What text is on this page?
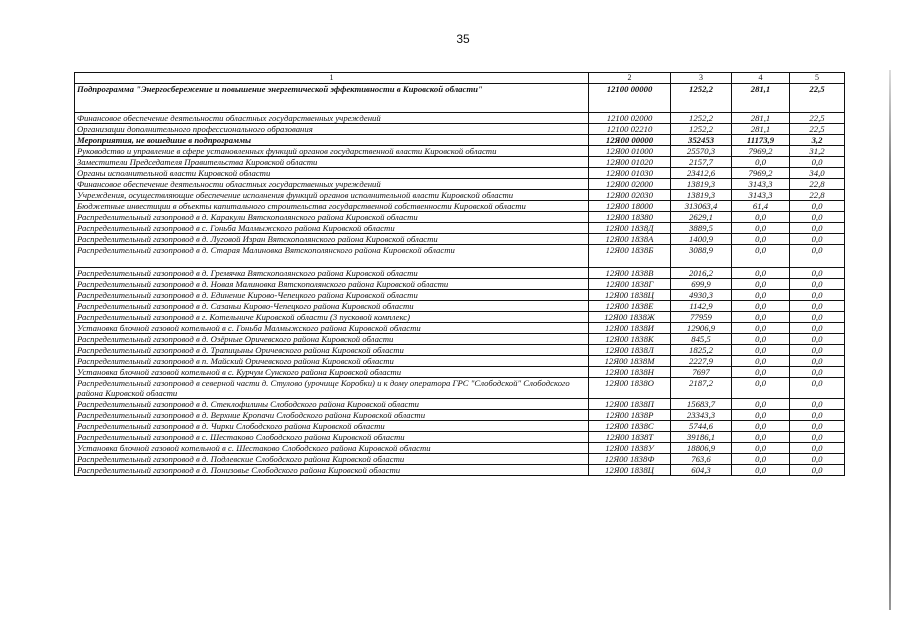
35
1	2	3	4	5
Подпрограмма "Энергосбережение и повышение энергетической эффективности в Кировской области"	12100 00000	1252,2	281,1	22,5
Финансовое обеспечение деятельности областных государственных учреждений	12100 02000	1252,2	281,1	22,5
Организации дополнительного профессионального образования	12100 02210	1252,2	281,1	22,5
Мероприятия, не вошедшие в подпрограммы	12Я00 00000	352453	11173,9	3,2
Руководство и управление в сфере установленных функций органов государственной власти Кировской области	12Я00 01000	25570,3	7969,2	31,2
Заместители Председателя Правительства Кировской области	12Я00 01020	2157,7	0,0	0,0
Органы исполнительной власти Кировской области	12Я00 01030	23412,6	7969,2	34,0
Финансовое обеспечение деятельности областных государственных учреждений	12Я00 02000	13819,3	3143,3	22,8
Учреждения, осуществляющие обеспечение исполнения функций органов исполнительной власти Кировской области	12Я00 02030	13819,3	3143,3	22,8
Бюджетные инвестиции в объекты капитального строительства государственной собственности Кировской области	12Я00 18000	313063,4	61,4	0,0
Распределительный газопровод в д. Каракули Вятскополянского района Кировской области	12Я00 18380	2629,1	0,0	0,0
Распределительный газопровод в с. Гоньба Малмыжского района Кировской области	12Я00 1838Д	3889,5	0,0	0,0
Распределительный газопровод в д. Луговой Изран Вятскополянского района Кировской области	12Я00 1838А	1400,9	0,0	0,0
Распределительный газопровод в д. Старая Малиновка Вятскополянского района Кировской области	12Я00 1838Б	3088,9	0,0	0,0
Распределительный газопровод в д. Гремячка Вятскополянского района Кировской области	12Я00 1838В	2016,2	0,0	0,0
Распределительный газопровод в д. Новая Малиновка Вятскополянского района Кировской области	12Я00 1838Г	699,9	0,0	0,0
Распределительный газопровод в д. Единение Кирово-Чепецкого района Кировской области	12Я00 1838Ц	4930,3	0,0	0,0
Распределительный газопровод в д. Сазаньи Кирово-Чепецкого района Кировской области	12Я00 1838Е	1142,9	0,0	0,0
Распределительный газопровод в г. Котельниче Кировской области (3 пусковой комплекс)	12Я00 1838Ж	77959	0,0	0,0
Установка блочной газовой котельной в с. Гоньба Малмыжского района Кировской области	12Я00 1838И	12906,9	0,0	0,0
Распределительный газопровод в д. Озёрные Оричевского района Кировской области	12Я00 1838К	845,5	0,0	0,0
Распределительный газопровод в д. Трапицыны Оричевского района Кировской области	12Я00 1838Л	1825,2	0,0	0,0
Распределительный газопровод в п. Майский Оричевского района Кировской области	12Я00 1838М	2227,9	0,0	0,0
Установка блочной газовой котельной в с. Курчум Сунского района Кировской области	12Я00 1838Н	7697	0,0	0,0
Распределительный газопровод в северной части д. Стулово (урочище Коробки) и к дому оператора ГРС "Слободской" Слободского района Кировской области	12Я00 1838О	2187,2	0,0	0,0
Распределительный газопровод в д. Стеклофилины Слободского района Кировской области	12Я00 1838П	15683,7	0,0	0,0
Распределительный газопровод в д. Верхние Кропачи Слободского района Кировской области	12Я00 1838Р	23343,3	0,0	0,0
Распределительный газопровод в д. Чирки Слободского района Кировской области	12Я00 1838С	5744,6	0,0	0,0
Распределительный газопровод в с. Шестаково Слободского района Кировской области	12Я00 1838Т	39186,1	0,0	0,0
Установка блочной газовой котельной в с. Шестаково Слободского района Кировской области	12Я00 1838У	18806,9	0,0	0,0
Распределительный газопровод в д. Подлевские Слободского района Кировской области	12Я00 1838Ф	763,6	0,0	0,0
Распределительный газопровод в д. Понизовье Слободского района Кировской области	12Я00 1838Ц	604,3	0,0	0,0
